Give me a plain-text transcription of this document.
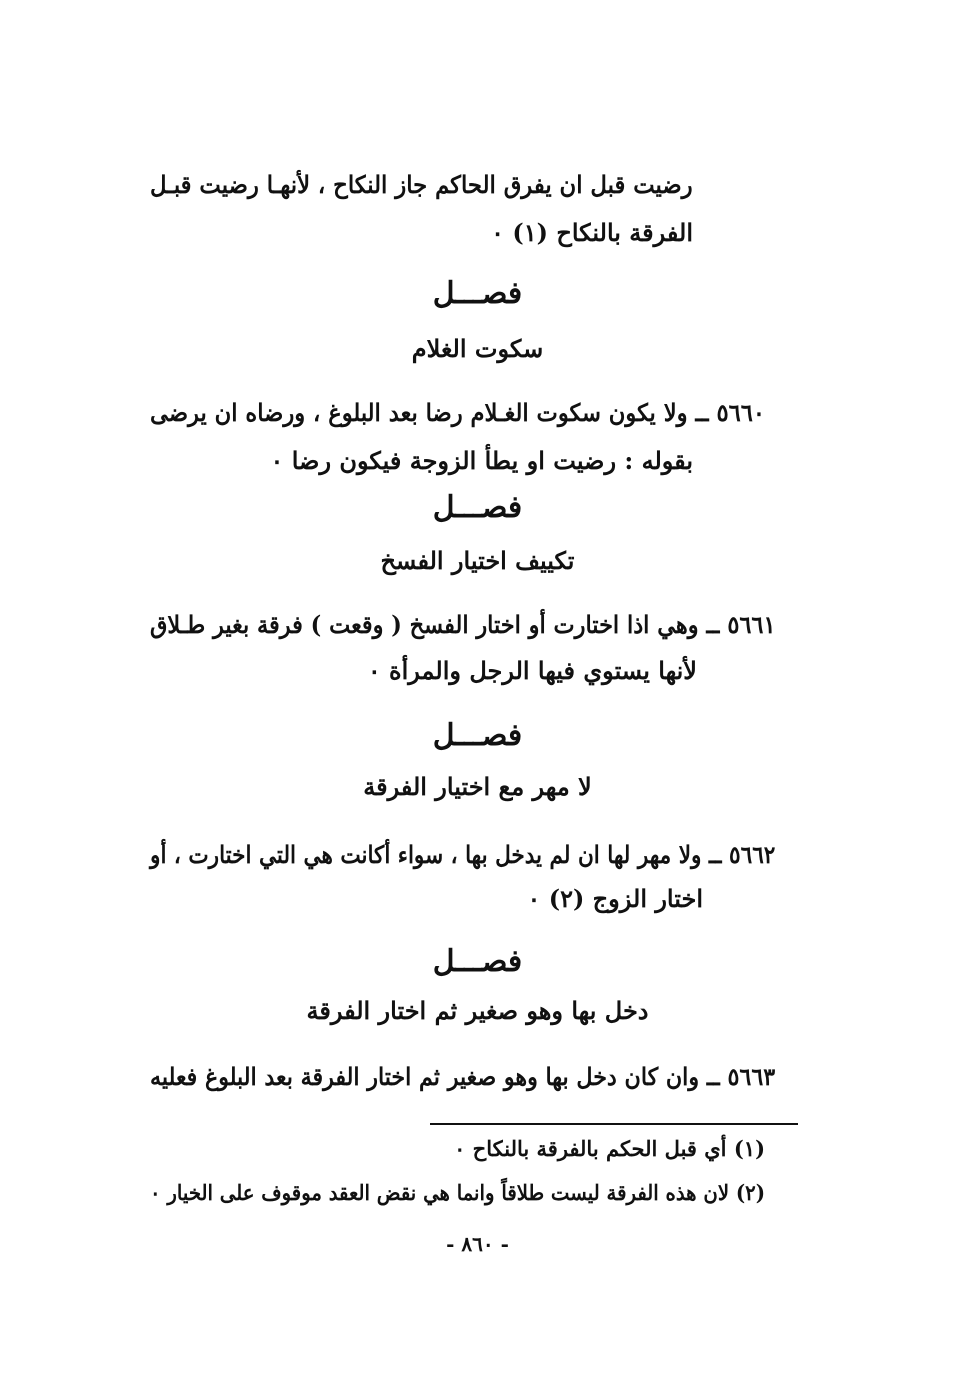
رضيت قبل ان يفرق الحاكم جاز النكاح ، لأنهـا رضيت قبـل
الفرقة بالنكاح (١) ٠
فصـــل
سكوت الغلام
٥٦٦٠ ــ ولا يكون سكوت الغـلام رضا بعد البلوغ ، ورضاه ان يرضى
بقوله : رضيت او يطأ الزوجة فيكون رضا ٠
فصـــل
تكييف اختيار الفسخ
٥٦٦١ ــ وهي اذا اختارت أو اختار الفسخ ( وقعت ) فرقة بغير طـلاق
لأنها يستوي فيها الرجل والمرأة ٠
فصـــل
لا مهر مع اختيار الفرقة
٥٦٦٢ ــ ولا مهر لها ان لم يدخل بها ، سواء أكانت هي التي اختارت ، أو
اختار الزوج (٢) ٠
فصـــل
دخل بها وهو صغير ثم اختار الفرقة
٥٦٦٣ ــ وان كان دخل بها وهو صغير ثم اختار الفرقة بعد البلوغ فعليه
(١) أي قبل الحكم بالفرقة بالنكاح ٠
(٢) لان هذه الفرقة ليست طلاقاً وانما هي نقض العقد موقوف على الخيار ٠
- ٨٦٠ -
